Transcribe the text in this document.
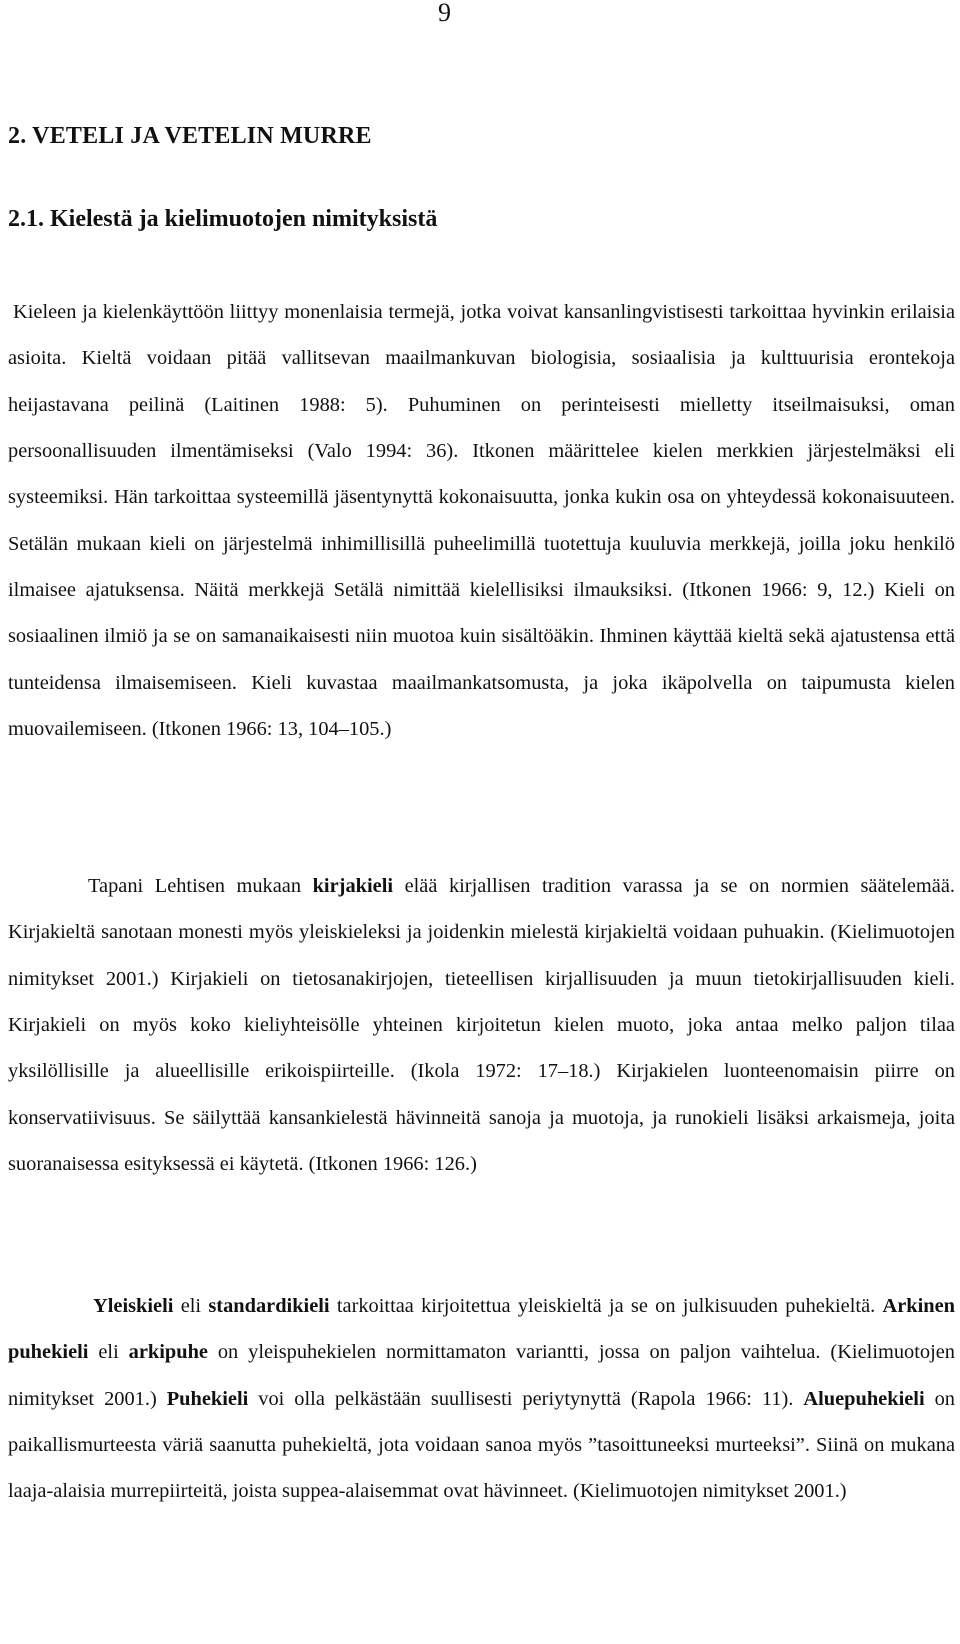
9
2. VETELI JA VETELIN MURRE
2.1. Kielestä ja kielimuotojen nimityksistä

Kieleen ja kielenkäyttöön liittyy monenlaisia termejä, jotka voivat kansanlingvistisesti tarkoittaa hyvinkin erilaisia asioita. Kieltä voidaan pitää vallitsevan maailmankuvan biologisia, sosiaalisia ja kulttuurisia erontekoja heijastavana peilinä (Laitinen 1988: 5). Puhuminen on perinteisesti mielletty itseilmaisuksi, oman persoonallisuuden ilmentämiseksi (Valo 1994: 36). Itkonen määrittelee kielen merkkien järjestelmäksi eli systeemiksi. Hän tarkoittaa systeemillä jäsentynyttä kokonaisuutta, jonka kukin osa on yhteydessä kokonaisuuteen. Setälän mukaan kieli on järjestelmä inhimillisillä puheelimillä tuotettuja kuuluvia merkkejä, joilla joku henkilö ilmaisee ajatuksensa. Näitä merkkejä Setälä nimittää kielellisiksi ilmauksiksi. (Itkonen 1966: 9, 12.) Kieli on sosiaalinen ilmiö ja se on samanaikaisesti niin muotoa kuin sisältöäkin. Ihminen käyttää kieltä sekä ajatustensa että tunteidensa ilmaisemiseen. Kieli kuvastaa maailmankatsomusta, ja joka ikäpolvella on taipumusta kielen muovailemiseen. (Itkonen 1966: 13, 104–105.)

Tapani Lehtisen mukaan kirjakieli elää kirjallisen tradition varassa ja se on normien säätelemää. Kirjakieltä sanotaan monesti myös yleiskieleksi ja joidenkin mielestä kirjakieltä voidaan puhuakin. (Kielimuotojen nimitykset 2001.) Kirjakieli on tietosanakirjojen, tieteellisen kirjallisuuden ja muun tietokirjallisuuden kieli. Kirjakieli on myös koko kieliyhteisölle yhteinen kirjoitetun kielen muoto, joka antaa melko paljon tilaa yksilöllisille ja alueellisille erikoispiirteille. (Ikola 1972: 17–18.) Kirjakielen luonteenomaisin piirre on konservatiivisuus. Se säilyttää kansankielestä hävinneitä sanoja ja muotoja, ja runokieli lisäksi arkaismeja, joita suoranaisessa esityksessä ei käytetä. (Itkonen 1966: 126.)

Yleiskieli eli standardikieli tarkoittaa kirjoitettua yleiskieltä ja se on julkisuuden puhekieltä. Arkinen puhekieli eli arkipuhe on yleispuhekielen normittamaton variantti, jossa on paljon vaihtelua. (Kielimuotojen nimitykset 2001.) Puhekieli voi olla pelkästään suullisesti periytynyttä (Rapola 1966: 11). Aluepuhekieli on paikallismurteesta väriä saanutta puhekieltä, jota voidaan sanoa myös ”tasoittuneeksi murteeksi”. Siinä on mukana laaja-alaisia murrepiirteitä, joista suppea-alaisemmat ovat hävinneet. (Kielimuotojen nimitykset 2001.)
